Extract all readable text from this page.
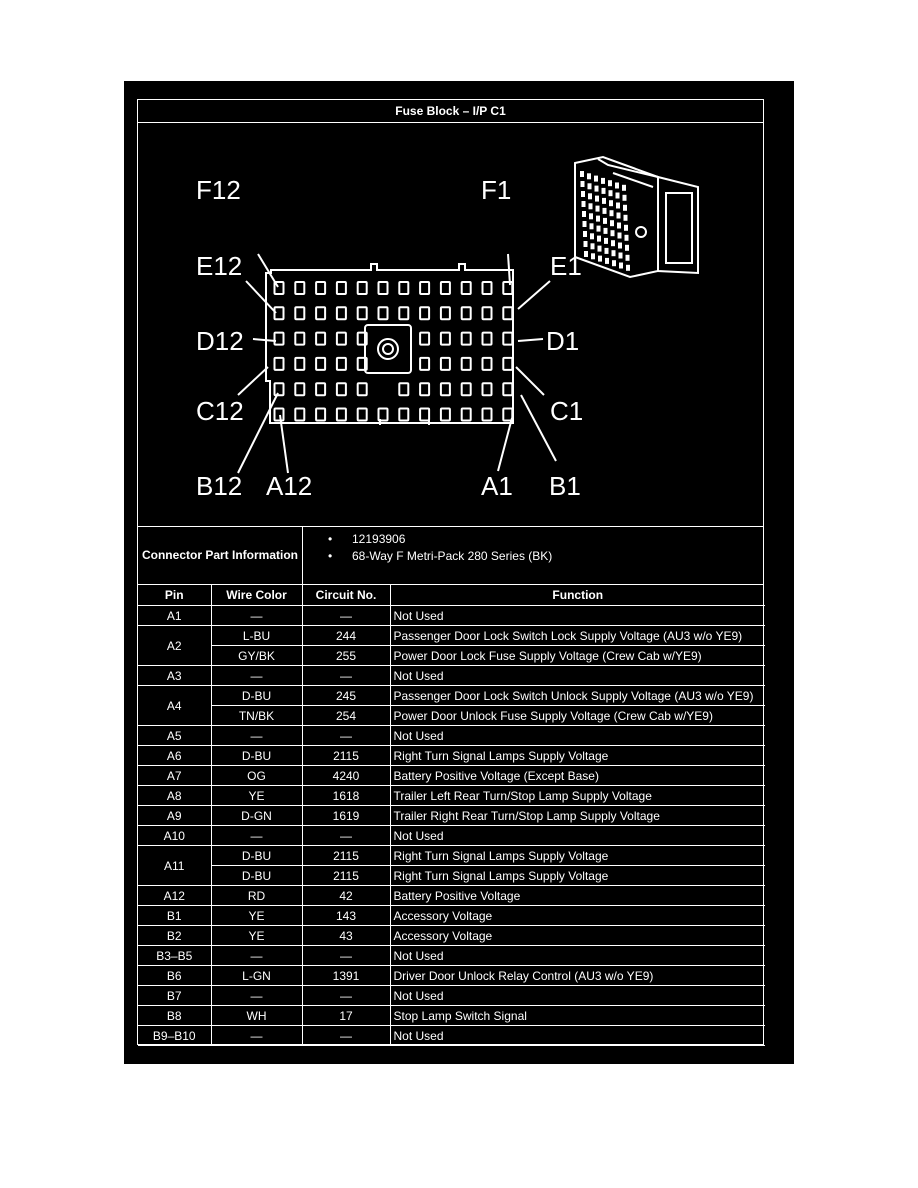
Fuse Block – I/P C1
F12	F1
E12	E1
D12	D1
C12	C1
B12 A12	A1 B1
Connector Part Information
• 12193906
• 68-Way F Metri-Pack 280 Series (BK)
Pin	Wire Color	Circuit No.	Function
A1	—	—	Not Used
A2	L-BU	244	Passenger Door Lock Switch Lock Supply Voltage (AU3 w/o YE9)
	GY/BK	255	Power Door Lock Fuse Supply Voltage (Crew Cab w/YE9)
A3	—	—	Not Used
A4	D-BU	245	Passenger Door Lock Switch Unlock Supply Voltage (AU3 w/o YE9)
	TN/BK	254	Power Door Unlock Fuse Supply Voltage (Crew Cab w/YE9)
A5	—	—	Not Used
A6	D-BU	2115	Right Turn Signal Lamps Supply Voltage
A7	OG	4240	Battery Positive Voltage (Except Base)
A8	YE	1618	Trailer Left Rear Turn/Stop Lamp Supply Voltage
A9	D-GN	1619	Trailer Right Rear Turn/Stop Lamp Supply Voltage
A10	—	—	Not Used
A11	D-BU	2115	Right Turn Signal Lamps Supply Voltage
	D-BU	2115	Right Turn Signal Lamps Supply Voltage
A12	RD	42	Battery Positive Voltage
B1	YE	143	Accessory Voltage
B2	YE	43	Accessory Voltage
B3–B5	—	—	Not Used
B6	L-GN	1391	Driver Door Unlock Relay Control (AU3 w/o YE9)
B7	—	—	Not Used
B8	WH	17	Stop Lamp Switch Signal
B9–B10	—	—	Not Used
